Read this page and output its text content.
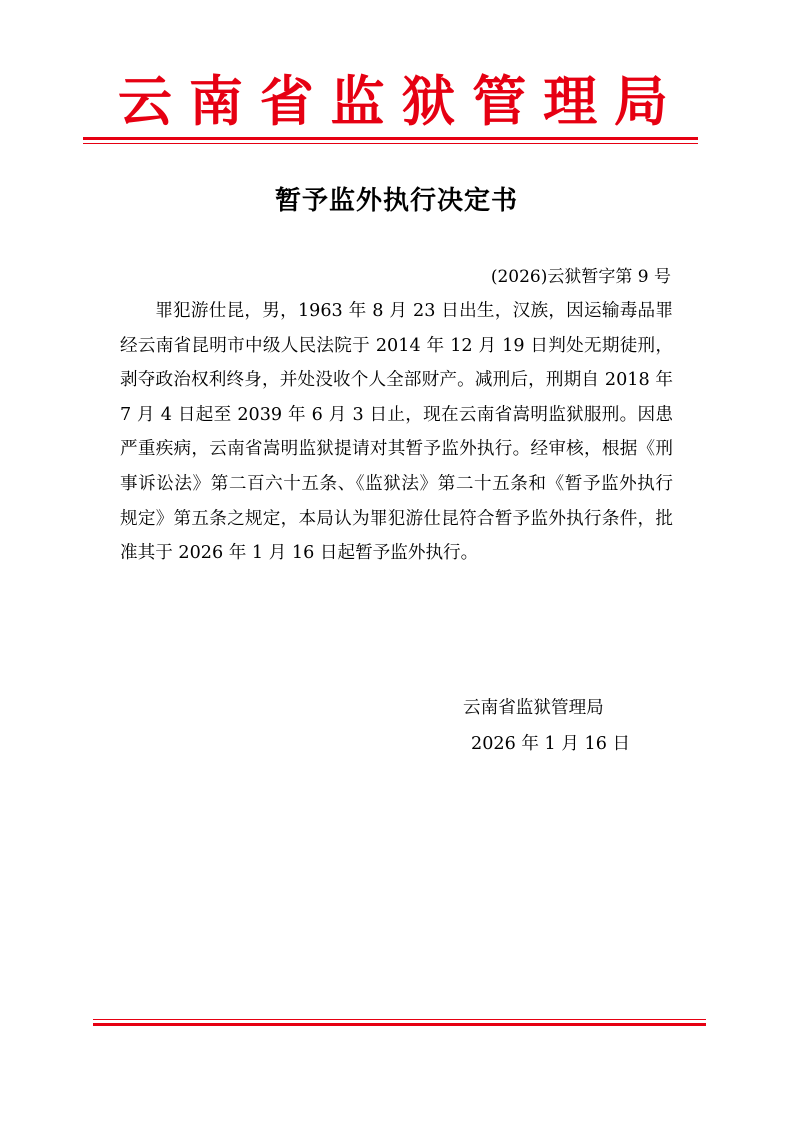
云 南 省 监 狱 管 理 局
暂予监外执行决定书
(2026)云狱暂字第 9 号

罪犯游仕昆，男，1963 年 8 月 23 日出生，汉族，因运输毒品罪经云南省昆明市中级人民法院于 2014 年 12 月 19 日判处无期徒刑，剥夺政治权利终身，并处没收个人全部财产。减刑后，刑期自 2018 年 7 月 4 日起至 2039 年 6 月 3 日止，现在云南省嵩明监狱服刑。因患严重疾病，云南省嵩明监狱提请对其暂予监外执行。经审核，根据《刑事诉讼法》第二百六十五条、《监狱法》第二十五条和《暂予监外执行规定》第五条之规定，本局认为罪犯游仕昆符合暂予监外执行条件，批准其于 2026 年 1 月 16 日起暂予监外执行。

云南省监狱管理局
2026 年 1 月 16 日
